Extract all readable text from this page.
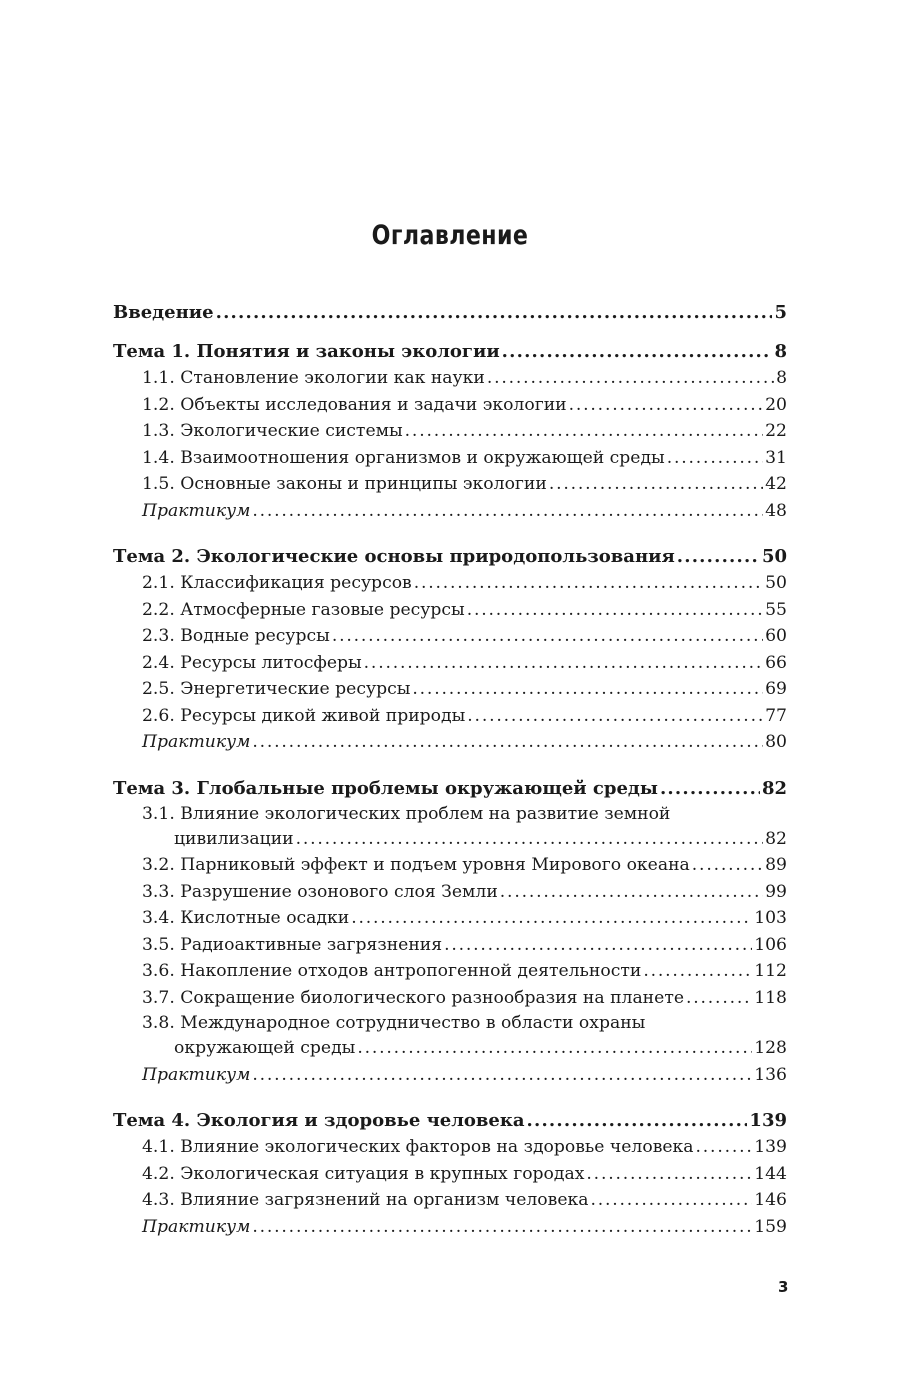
Оглавление
Введение .....	5
Тема 1. Понятия и законы экологии .....	8
1.1. Становление экологии как науки .....	8
1.2. Объекты исследования и задачи экологии .....	20
1.3. Экологические системы .....	22
1.4. Взаимоотношения организмов и окружающей среды .....	31
1.5. Основные законы и принципы экологии .....	42
Практикум .....	48
Тема 2. Экологические основы природопользования .....	50
2.1. Классификация ресурсов .....	50
2.2. Атмосферные газовые ресурсы .....	55
2.3. Водные ресурсы .....	60
2.4. Ресурсы литосферы .....	66
2.5. Энергетические ресурсы .....	69
2.6. Ресурсы дикой живой природы .....	77
Практикум .....	80
Тема 3. Глобальные проблемы окружающей среды .....	82
3.1. Влияние экологических проблем на развитие земной
цивилизации .....	82
3.2. Парниковый эффект и подъем уровня Мирового океана .....	89
3.3. Разрушение озонового слоя Земли .....	99
3.4. Кислотные осадки .....	103
3.5. Радиоактивные загрязнения .....	106
3.6. Накопление отходов антропогенной деятельности .....	112
3.7. Сокращение биологического разнообразия на планете .....	118
3.8. Международное сотрудничество в области охраны
окружающей среды .....	128
Практикум .....	136
Тема 4. Экология и здоровье человека .....	139
4.1. Влияние экологических факторов на здоровье человека .....	139
4.2. Экологическая ситуация в крупных городах .....	144
4.3. Влияние загрязнений на организм человека .....	146
Практикум .....	159
3
